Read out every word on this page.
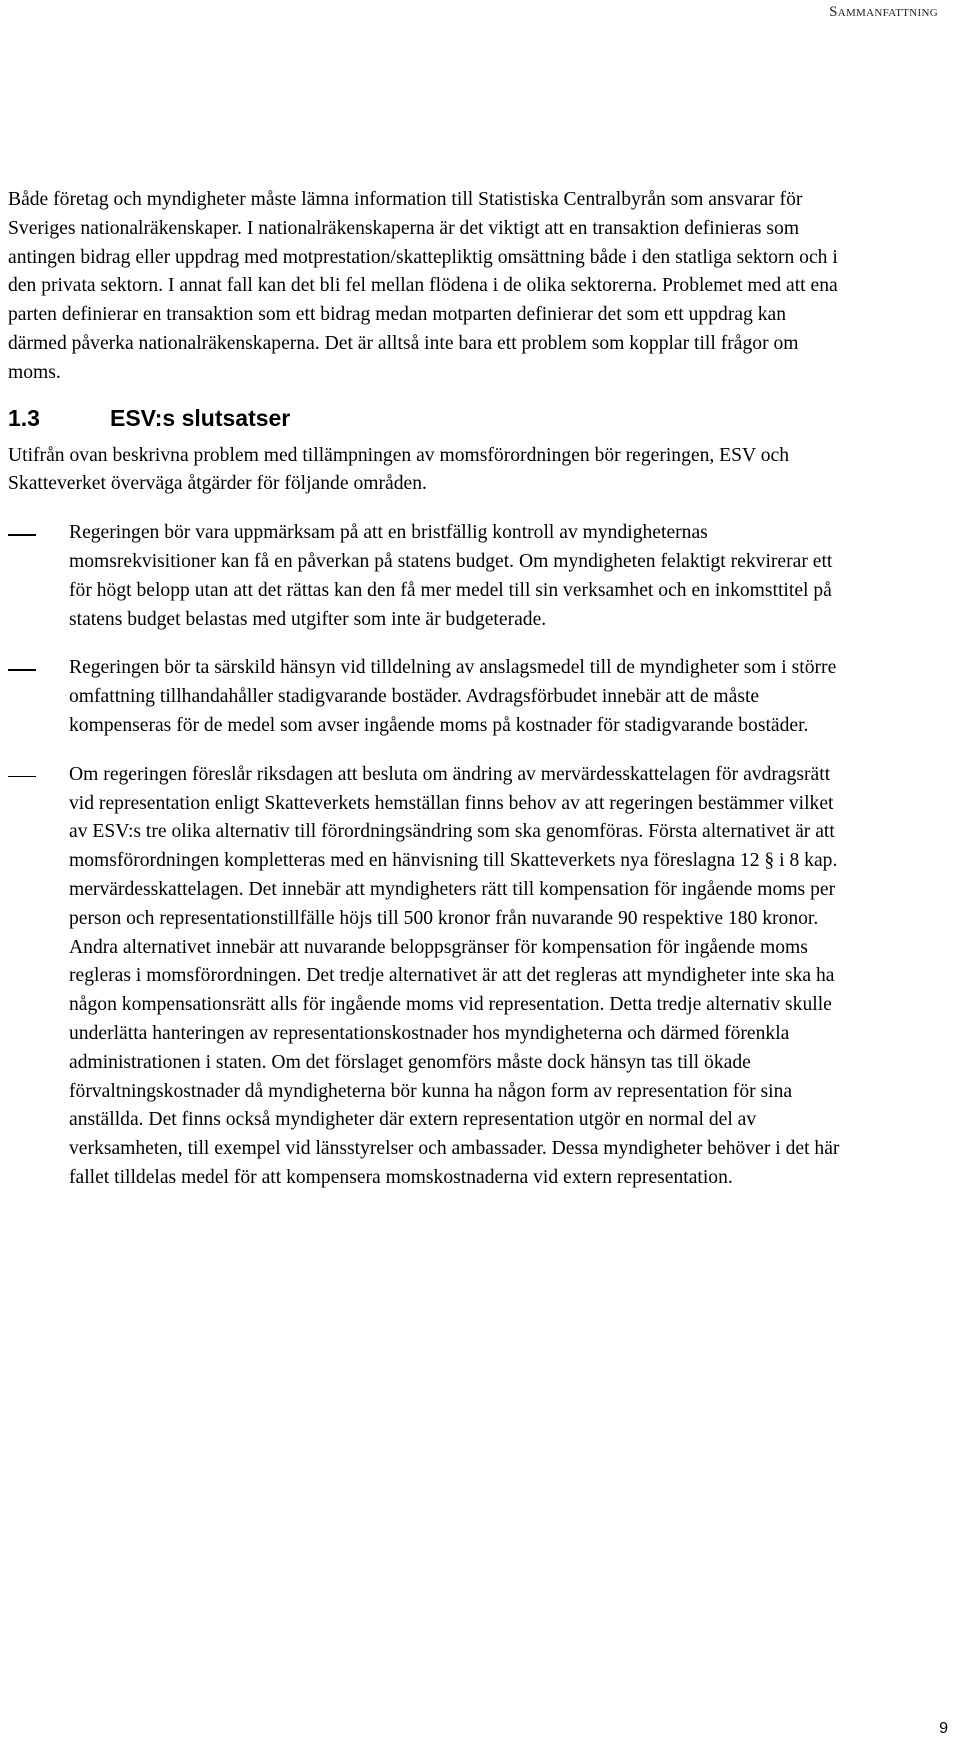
Sammanfattning

Både företag och myndigheter måste lämna information till Statistiska Centralbyrån som ansvarar för Sveriges nationalräkenskaper. I nationalräkenskaperna är det viktigt att en transaktion definieras som antingen bidrag eller uppdrag med motprestation/skattepliktig omsättning både i den statliga sektorn och i den privata sektorn. I annat fall kan det bli fel mellan flödena i de olika sektorerna. Problemet med att ena parten definierar en transaktion som ett bidrag medan motparten definierar det som ett uppdrag kan därmed påverka nationalräkenskaperna. Det är alltså inte bara ett problem som kopplar till frågor om moms.

1.3	ESV:s slutsatser

Utifrån ovan beskrivna problem med tillämpningen av momsförordningen bör regeringen, ESV och Skatteverket överväga åtgärder för följande områden.

Regeringen bör vara uppmärksam på att en bristfällig kontroll av myndigheternas momsrekvisitioner kan få en påverkan på statens budget. Om myndigheten felaktigt rekvirerar ett för högt belopp utan att det rättas kan den få mer medel till sin verksamhet och en inkomsttitel på statens budget belastas med utgifter som inte är budgeterade.
Regeringen bör ta särskild hänsyn vid tilldelning av anslagsmedel till de myndigheter som i större omfattning tillhandahåller stadigvarande bostäder. Avdragsförbudet innebär att de måste kompenseras för de medel som avser ingående moms på kostnader för stadigvarande bostäder.
Om regeringen föreslår riksdagen att besluta om ändring av mervärdesskattelagen för avdragsrätt vid representation enligt Skatteverkets hemställan finns behov av att regeringen bestämmer vilket av ESV:s tre olika alternativ till förordningsändring som ska genomföras. Första alternativet är att momsförordningen kompletteras med en hänvisning till Skatteverkets nya föreslagna 12 § i 8 kap. mervärdesskattelagen. Det innebär att myndigheters rätt till kompensation för ingående moms per person och representationstillfälle höjs till 500 kronor från nuvarande 90 respektive 180 kronor. Andra alternativet innebär att nuvarande beloppsgränser för kompensation för ingående moms regleras i momsförordningen. Det tredje alternativet är att det regleras att myndigheter inte ska ha någon kompensationsrätt alls för ingående moms vid representation. Detta tredje alternativ skulle underlätta hanteringen av representationskostnader hos myndigheterna och därmed förenkla administrationen i staten. Om det förslaget genomförs måste dock hänsyn tas till ökade förvaltningskostnader då myndigheterna bör kunna ha någon form av representation för sina anställda. Det finns också myndigheter där extern representation utgör en normal del av verksamheten, till exempel vid länsstyrelser och ambassader. Dessa myndigheter behöver i det här fallet tilldelas medel för att kompensera momskostnaderna vid extern representation.
9
